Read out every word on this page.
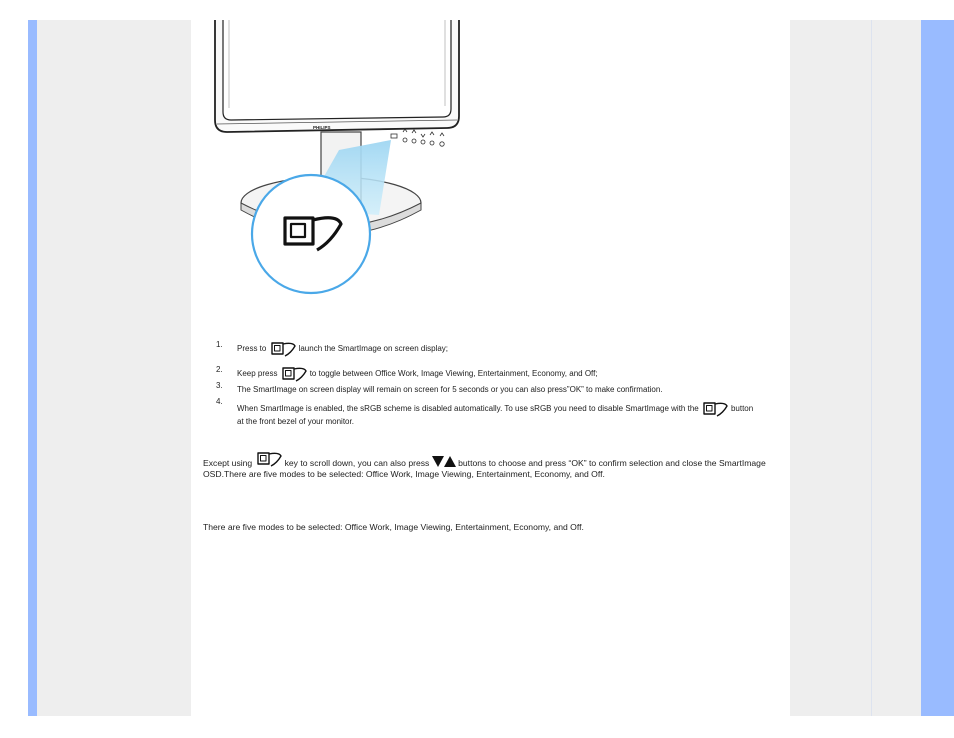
PHILIPS
1. Press to	launch the SmartImage on screen display;
2. Keep press	to toggle between Office Work, Image Viewing, Entertainment, Economy, and Off;
3. The SmartImage on screen display will remain on screen for 5 seconds or you can also press”OK” to make confirmation.
4.
When SmartImage is enabled, the sRGB scheme is disabled automatically. To use sRGB you need to disable SmartImage with the	button at the front bezel of your monitor.

Except using	key to scroll down, you can also press	buttons to choose and press “OK” to confirm selection and close the SmartImage OSD.There are five modes to be selected: Office Work, Image Viewing, Entertainment, Economy, and Off.

There are five modes to be selected: Office Work, Image Viewing, Entertainment, Economy, and Off.
